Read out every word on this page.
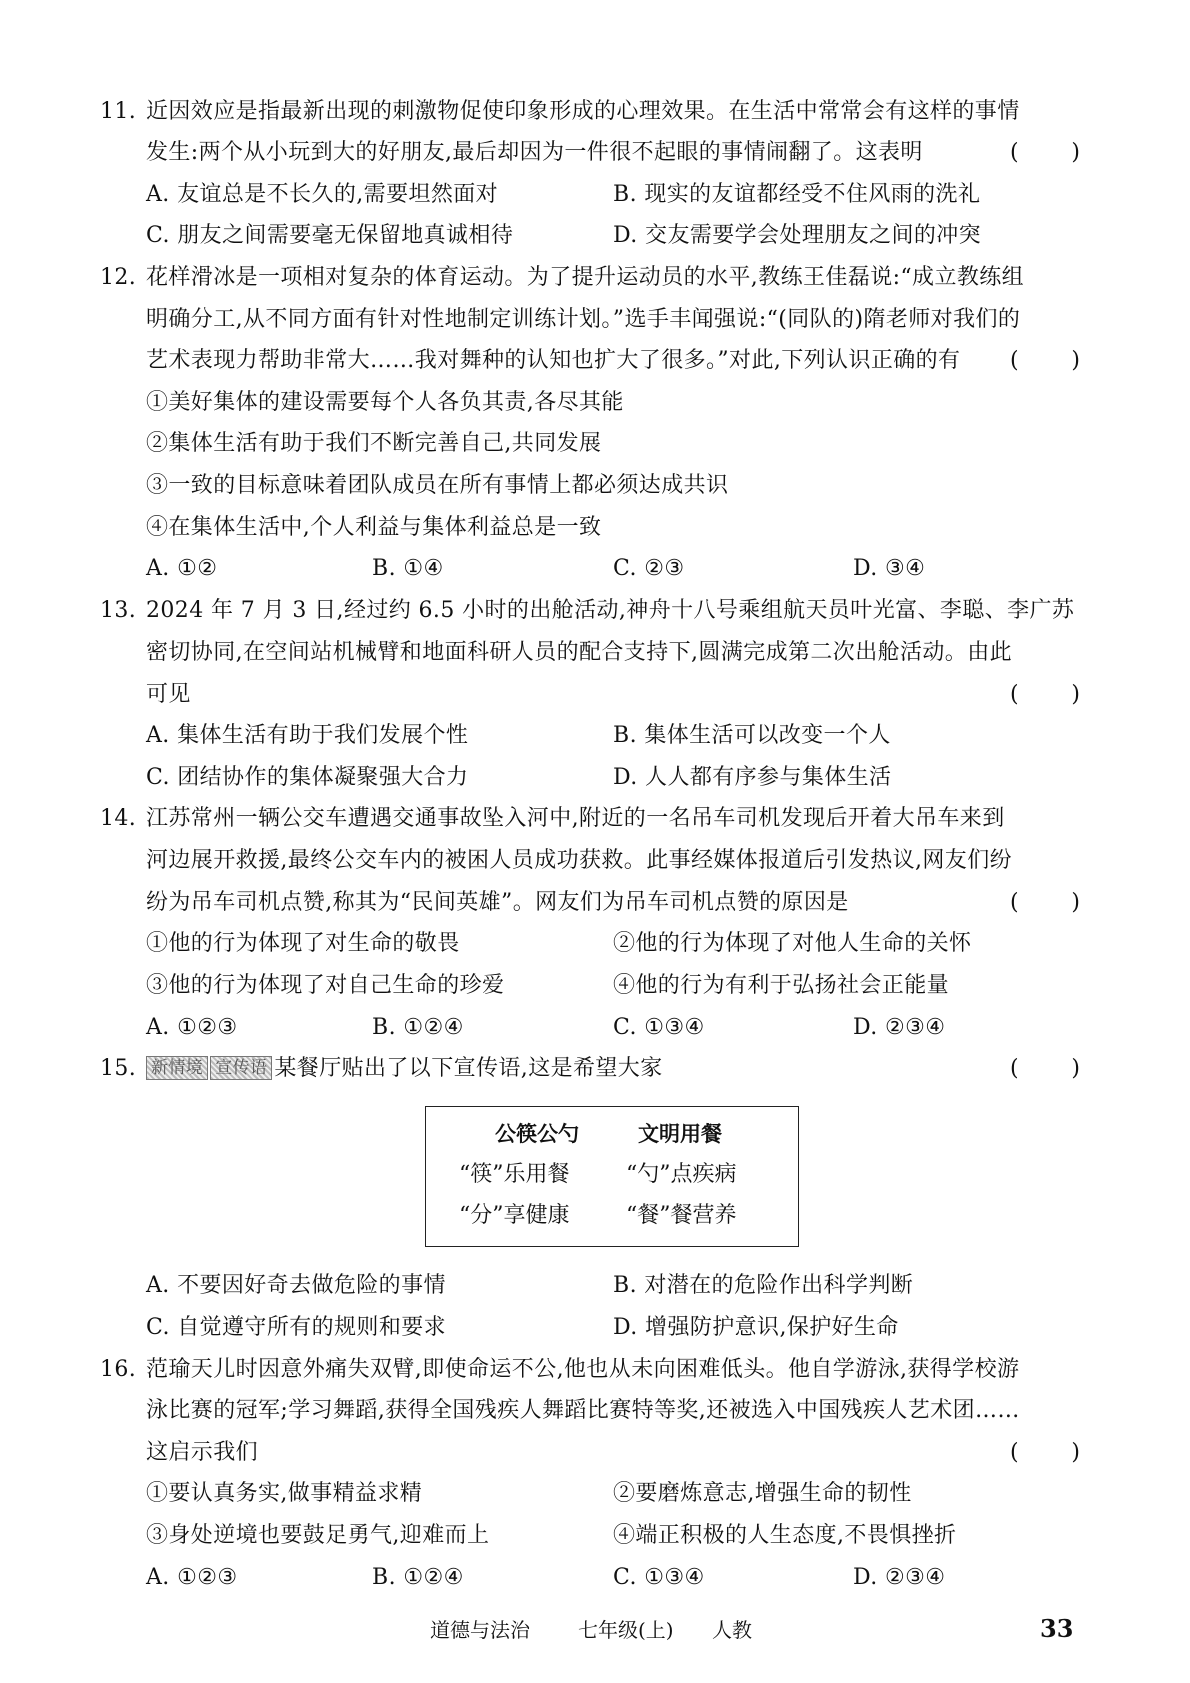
11. 近因效应是指最新出现的刺激物促使印象形成的心理效果。在生活中常常会有这样的事情
发生:两个从小玩到大的好朋友,最后却因为一件很不起眼的事情闹翻了。这表明	( )
A. 友谊总是不长久的,需要坦然面对	B. 现实的友谊都经受不住风雨的洗礼
C. 朋友之间需要毫无保留地真诚相待	D. 交友需要学会处理朋友之间的冲突
12. 花样滑冰是一项相对复杂的体育运动。为了提升运动员的水平,教练王佳磊说:“成立教练组
明确分工,从不同方面有针对性地制定训练计划。”选手丰闻强说:“(同队的)隋老师对我们的
艺术表现力帮助非常大……我对舞种的认知也扩大了很多。”对此,下列认识正确的有 ( )
①美好集体的建设需要每个人各负其责,各尽其能
②集体生活有助于我们不断完善自己,共同发展
③一致的目标意味着团队成员在所有事情上都必须达成共识
④在集体生活中,个人利益与集体利益总是一致
A. ①②	B. ①④	C. ②③	D. ③④
13. 2024 年 7 月 3 日,经过约 6.5 小时的出舱活动,神舟十八号乘组航天员叶光富、李聪、李广苏
密切协同,在空间站机械臂和地面科研人员的配合支持下,圆满完成第二次出舱活动。由此
可见	( )
A. 集体生活有助于我们发展个性	B. 集体生活可以改变一个人
C. 团结协作的集体凝聚强大合力	D. 人人都有序参与集体生活
14. 江苏常州一辆公交车遭遇交通事故坠入河中,附近的一名吊车司机发现后开着大吊车来到
河边展开救援,最终公交车内的被困人员成功获救。此事经媒体报道后引发热议,网友们纷
纷为吊车司机点赞,称其为“民间英雄”。网友们为吊车司机点赞的原因是	( )
①他的行为体现了对生命的敬畏	②他的行为体现了对他人生命的关怀
③他的行为体现了对自己生命的珍爱	④他的行为有利于弘扬社会正能量
A. ①②③	B. ①②④	C. ①③④	D. ②③④
15. 新情境 宣传语 某餐厅贴出了以下宣传语,这是希望大家	( )
公筷公勺	文明用餐
“筷”乐用餐	“勺”点疾病
“分”享健康	“餐”餐营养
A. 不要因好奇去做危险的事情	B. 对潜在的危险作出科学判断
C. 自觉遵守所有的规则和要求	D. 增强防护意识,保护好生命
16. 范瑜天儿时因意外痛失双臂,即使命运不公,他也从未向困难低头。他自学游泳,获得学校游
泳比赛的冠军;学习舞蹈,获得全国残疾人舞蹈比赛特等奖,还被选入中国残疾人艺术团……
这启示我们	( )
①要认真务实,做事精益求精	②要磨炼意志,增强生命的韧性
③身处逆境也要鼓足勇气,迎难而上	④端正积极的人生态度,不畏惧挫折
A. ①②③	B. ①②④	C. ①③④	D. ②③④
道德与法治 七年级(上) 人教	33
